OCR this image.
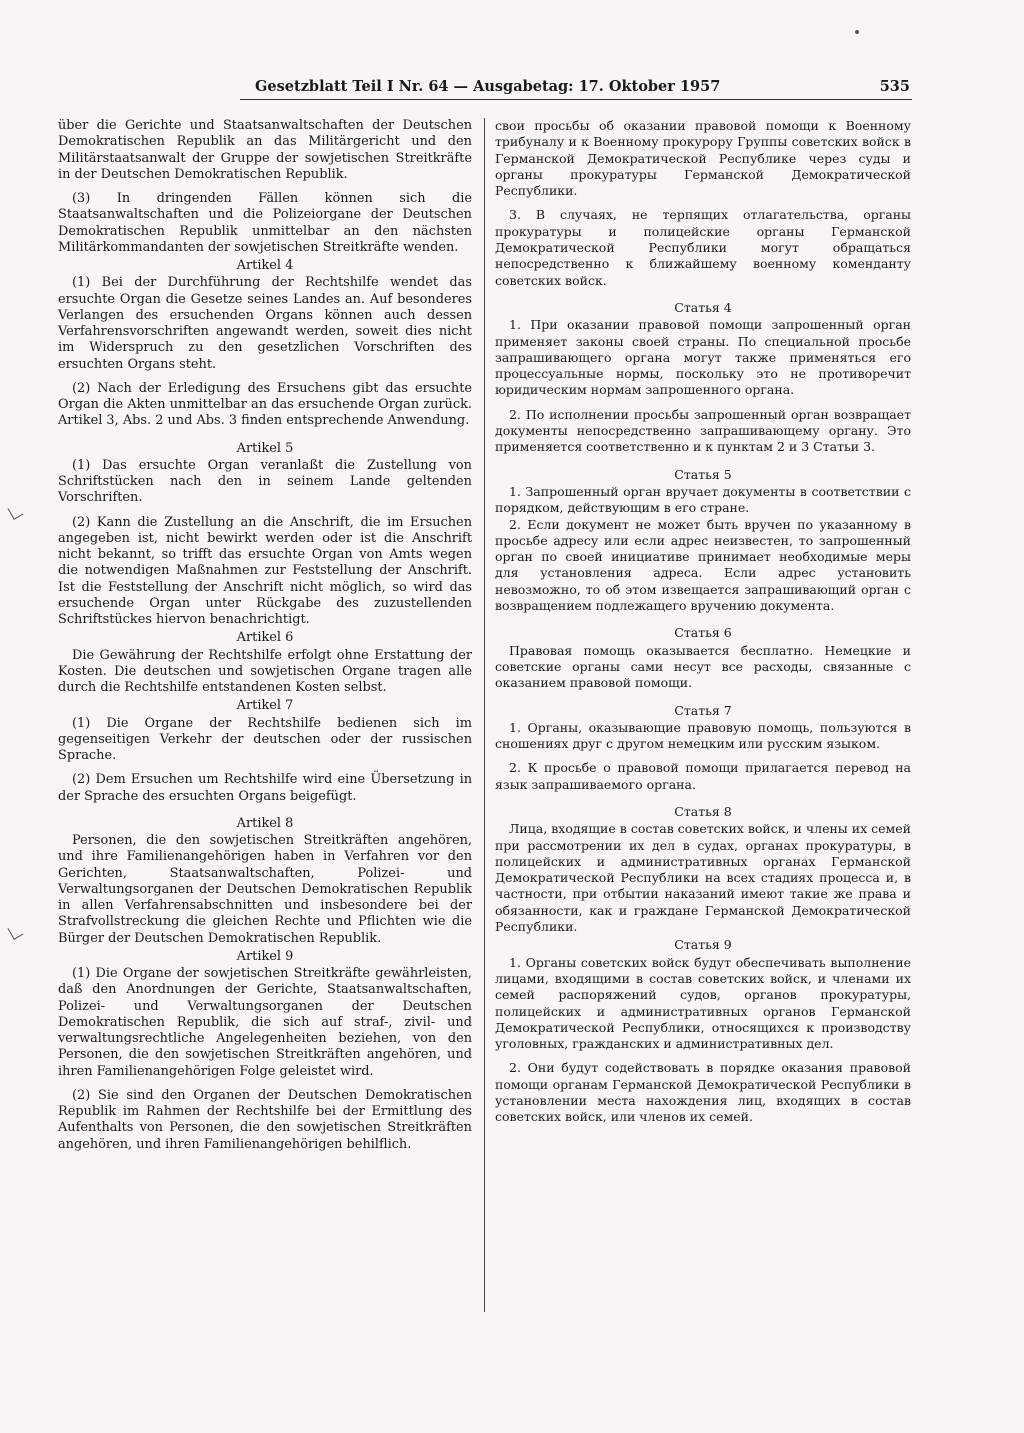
Gesetzblatt Teil I Nr. 64 — Ausgabetag: 17. Oktober 1957	535

über die Gerichte und Staatsanwaltschaften der Deutschen Demokratischen Republik an das Militärgericht und den Militärstaatsanwalt der Gruppe der sowjetischen Streitkräfte in der Deutschen Demokratischen Republik.

(3) In dringenden Fällen können sich die Staatsanwaltschaften und die Polizeiorgane der Deutschen Demokratischen Republik unmittelbar an den nächsten Militärkommandanten der sowjetischen Streitkräfte wenden.

Artikel 4

(1) Bei der Durchführung der Rechtshilfe wendet das ersuchte Organ die Gesetze seines Landes an. Auf besonderes Verlangen des ersuchenden Organs können auch dessen Verfahrensvorschriften angewandt werden, soweit dies nicht im Widerspruch zu den gesetzlichen Vorschriften des ersuchten Organs steht.

(2) Nach der Erledigung des Ersuchens gibt das ersuchte Organ die Akten unmittelbar an das ersuchende Organ zurück. Artikel 3, Abs. 2 und Abs. 3 finden entsprechende Anwendung.

Artikel 5

(1) Das ersuchte Organ veranlaßt die Zustellung von Schriftstücken nach den in seinem Lande geltenden Vorschriften.

(2) Kann die Zustellung an die Anschrift, die im Ersuchen angegeben ist, nicht bewirkt werden oder ist die Anschrift nicht bekannt, so trifft das ersuchte Organ von Amts wegen die notwendigen Maßnahmen zur Feststellung der Anschrift. Ist die Feststellung der Anschrift nicht möglich, so wird das ersuchende Organ unter Rückgabe des zuzustellenden Schriftstückes hiervon benachrichtigt.

Artikel 6

Die Gewährung der Rechtshilfe erfolgt ohne Erstattung der Kosten. Die deutschen und sowjetischen Organe tragen alle durch die Rechtshilfe entstandenen Kosten selbst.

Artikel 7

(1) Die Organe der Rechtshilfe bedienen sich im gegenseitigen Verkehr der deutschen oder der russischen Sprache.

(2) Dem Ersuchen um Rechtshilfe wird eine Übersetzung in der Sprache des ersuchten Organs beigefügt.

Artikel 8

Personen, die den sowjetischen Streitkräften angehören, und ihre Familienangehörigen haben in Verfahren vor den Gerichten, Staatsanwaltschaften, Polizei- und Verwaltungsorganen der Deutschen Demokratischen Republik in allen Verfahrensabschnitten und insbesondere bei der Strafvollstreckung die gleichen Rechte und Pflichten wie die Bürger der Deutschen Demokratischen Republik.

Artikel 9

(1) Die Organe der sowjetischen Streitkräfte gewährleisten, daß den Anordnungen der Gerichte, Staatsanwaltschaften, Polizei- und Verwaltungsorganen der Deutschen Demokratischen Republik, die sich auf straf-, zivil- und verwaltungsrechtliche Angelegenheiten beziehen, von den Personen, die den sowjetischen Streitkräften angehören, und ihren Familienangehörigen Folge geleistet wird.

(2) Sie sind den Organen der Deutschen Demokratischen Republik im Rahmen der Rechtshilfe bei der Ermittlung des Aufenthalts von Personen, die den sowjetischen Streitkräften angehören, und ihren Familienangehörigen behilflich.

свои просьбы об оказании правовой помощи к Военному трибуналу и к Военному прокурору Группы советских войск в Германской Демократической Республике через суды и органы прокуратуры Германской Демократической Республики.

3. В случаях, не терпящих отлагательства, органы прокуратуры и полицейские органы Германской Демократической Республики могут обращаться непосредственно к ближайшему военному коменданту советских войск.

Статья 4

1. При оказании правовой помощи запрошенный орган применяет законы своей страны. По специальной просьбе запрашивающего органа могут также применяться его процессуальные нормы, поскольку это не противоречит юридическим нормам запрошенного органа.

2. По исполнении просьбы запрошенный орган возвращает документы непосредственно запрашивающему органу. Это применяется соответственно и к пунктам 2 и 3 Статьи 3.

Статья 5

1. Запрошенный орган вручает документы в соответствии с порядком, действующим в его стране.

2. Если документ не может быть вручен по указанному в просьбе адресу или если адрес неизвестен, то запрошенный орган по своей инициативе принимает необходимые меры для установления адреса. Если адрес установить невозможно, то об этом извещается запрашивающий орган с возвращением подлежащего вручению документа.

Статья 6

Правовая помощь оказывается бесплатно. Немецкие и советские органы сами несут все расходы, связанные с оказанием правовой помощи.

Статья 7

1. Органы, оказывающие правовую помощь, пользуются в сношениях друг с другом немецким или русским языком.

2. К просьбе о правовой помощи прилагается перевод на язык запрашиваемого органа.

Статья 8

Лица, входящие в состав советских войск, и члены их семей при рассмотрении их дел в судах, органах прокуратуры, в полицейских и административных органах Германской Демократической Республики на всех стадиях процесса и, в частности, при отбытии наказаний имеют такие же права и обязанности, как и граждане Германской Демократической Республики.

Статья 9

1. Органы советских войск будут обеспечивать выполнение лицами, входящими в состав советских войск, и членами их семей распоряжений судов, органов прокуратуры, полицейских и административных органов Германской Демократической Республики, относящихся к производству уголовных, гражданских и административных дел.

2. Они будут содействовать в порядке оказания правовой помощи органам Германской Демократической Республики в установлении места нахождения лиц, входящих в состав советских войск, или членов их семей.
